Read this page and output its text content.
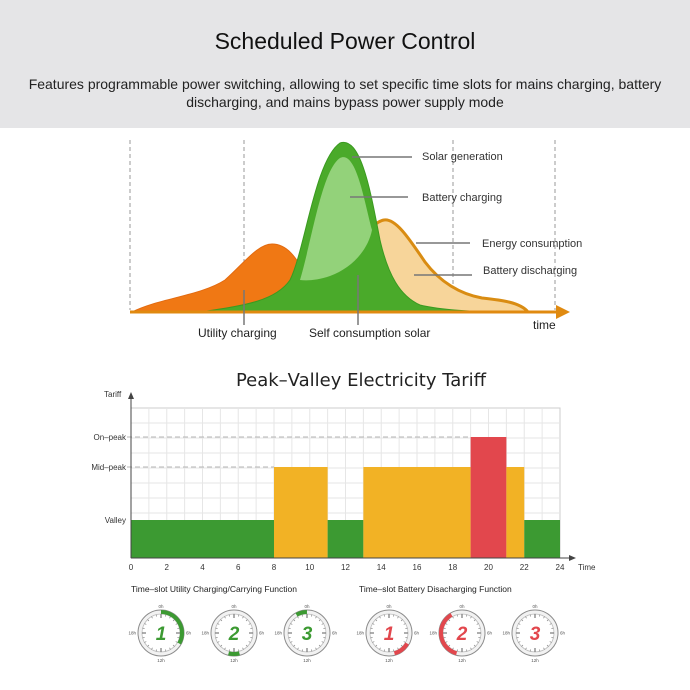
Scheduled Power Control
Features programmable power switching, allowing to set specific time slots for mains charging, battery discharging, and mains bypass power supply mode
Solar generation
Battery charging
Energy consumption
Battery discharging
Utility charging	Self consumption solar
time
Peak–Valley Electricity Tariff
Tariff
Valley
Mid–peak
On–peak
0	2	4	6	8	10	12	14	16	18	20	22	24 Time
Time–slot Utility Charging/Carrying Function	Time–slot Battery Disacharging Function
0h
6h
12h
18h 1
0h
6h
12h
18h 2
0h
6h
12h
18h 3
0h
6h
12h
18h 1
0h
6h
12h
18h 2
0h
6h
12h
18h 3
